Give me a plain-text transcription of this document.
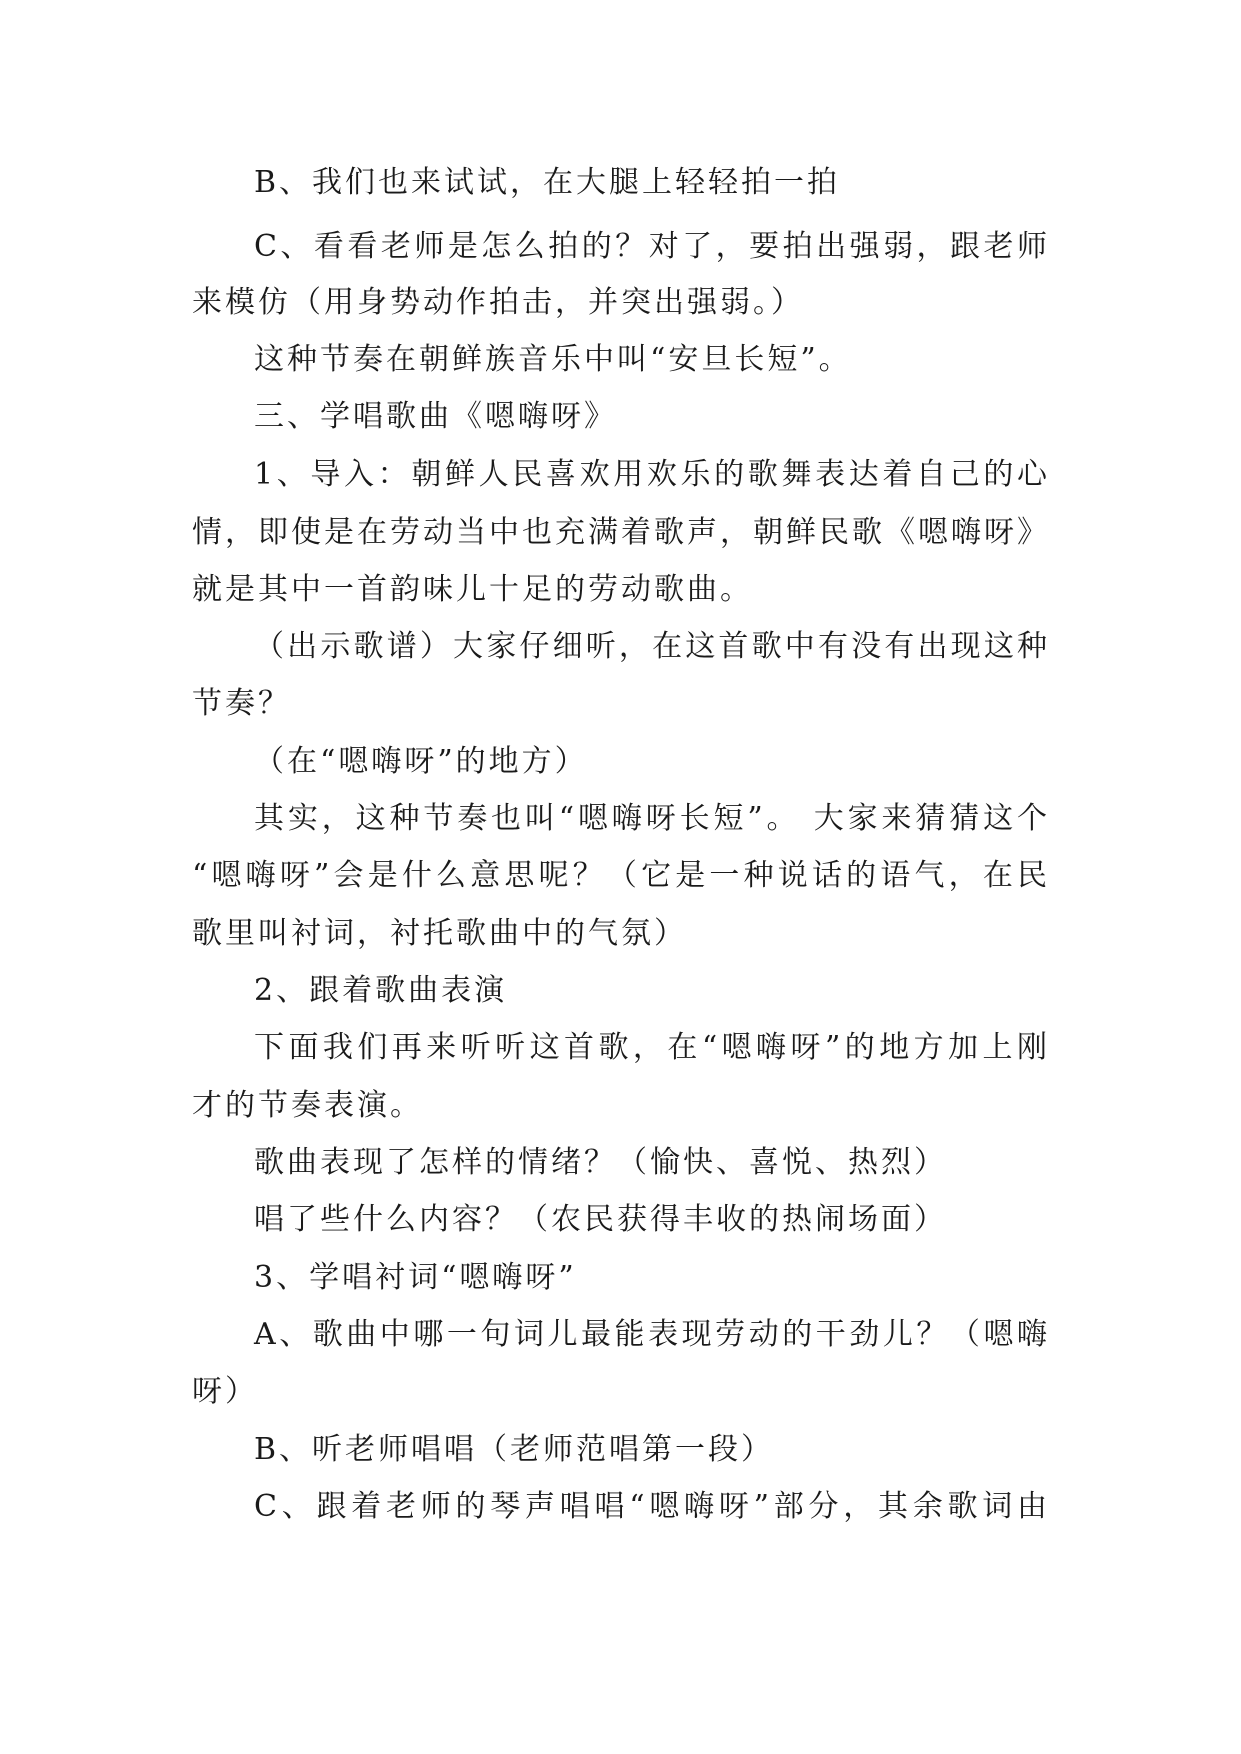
B、我们也来试试，在大腿上轻轻拍一拍

C、看看老师是怎么拍的？对了，要拍出强弱，跟老师

来模仿（用身势动作拍击，并突出强弱。）

这种节奏在朝鲜族音乐中叫“安旦长短”。

三、学唱歌曲《嗯嗨呀》

1、导入：朝鲜人民喜欢用欢乐的歌舞表达着自己的心

情，即使是在劳动当中也充满着歌声，朝鲜民歌《嗯嗨呀》

就是其中一首韵味儿十足的劳动歌曲。

（出示歌谱）大家仔细听，在这首歌中有没有出现这种

节奏？

（在“嗯嗨呀”的地方）

其实，这种节奏也叫“嗯嗨呀长短”。 大家来猜猜这个

“嗯嗨呀”会是什么意思呢？（它是一种说话的语气，在民

歌里叫衬词，衬托歌曲中的气氛）

2、跟着歌曲表演

下面我们再来听听这首歌，在“嗯嗨呀”的地方加上刚

才的节奏表演。

歌曲表现了怎样的情绪？（愉快、喜悦、热烈）

唱了些什么内容？（农民获得丰收的热闹场面）

3、学唱衬词“嗯嗨呀”

A、歌曲中哪一句词儿最能表现劳动的干劲儿？（嗯嗨

呀）

B、听老师唱唱（老师范唱第一段）

C、跟着老师的琴声唱唱“嗯嗨呀”部分，其余歌词由
